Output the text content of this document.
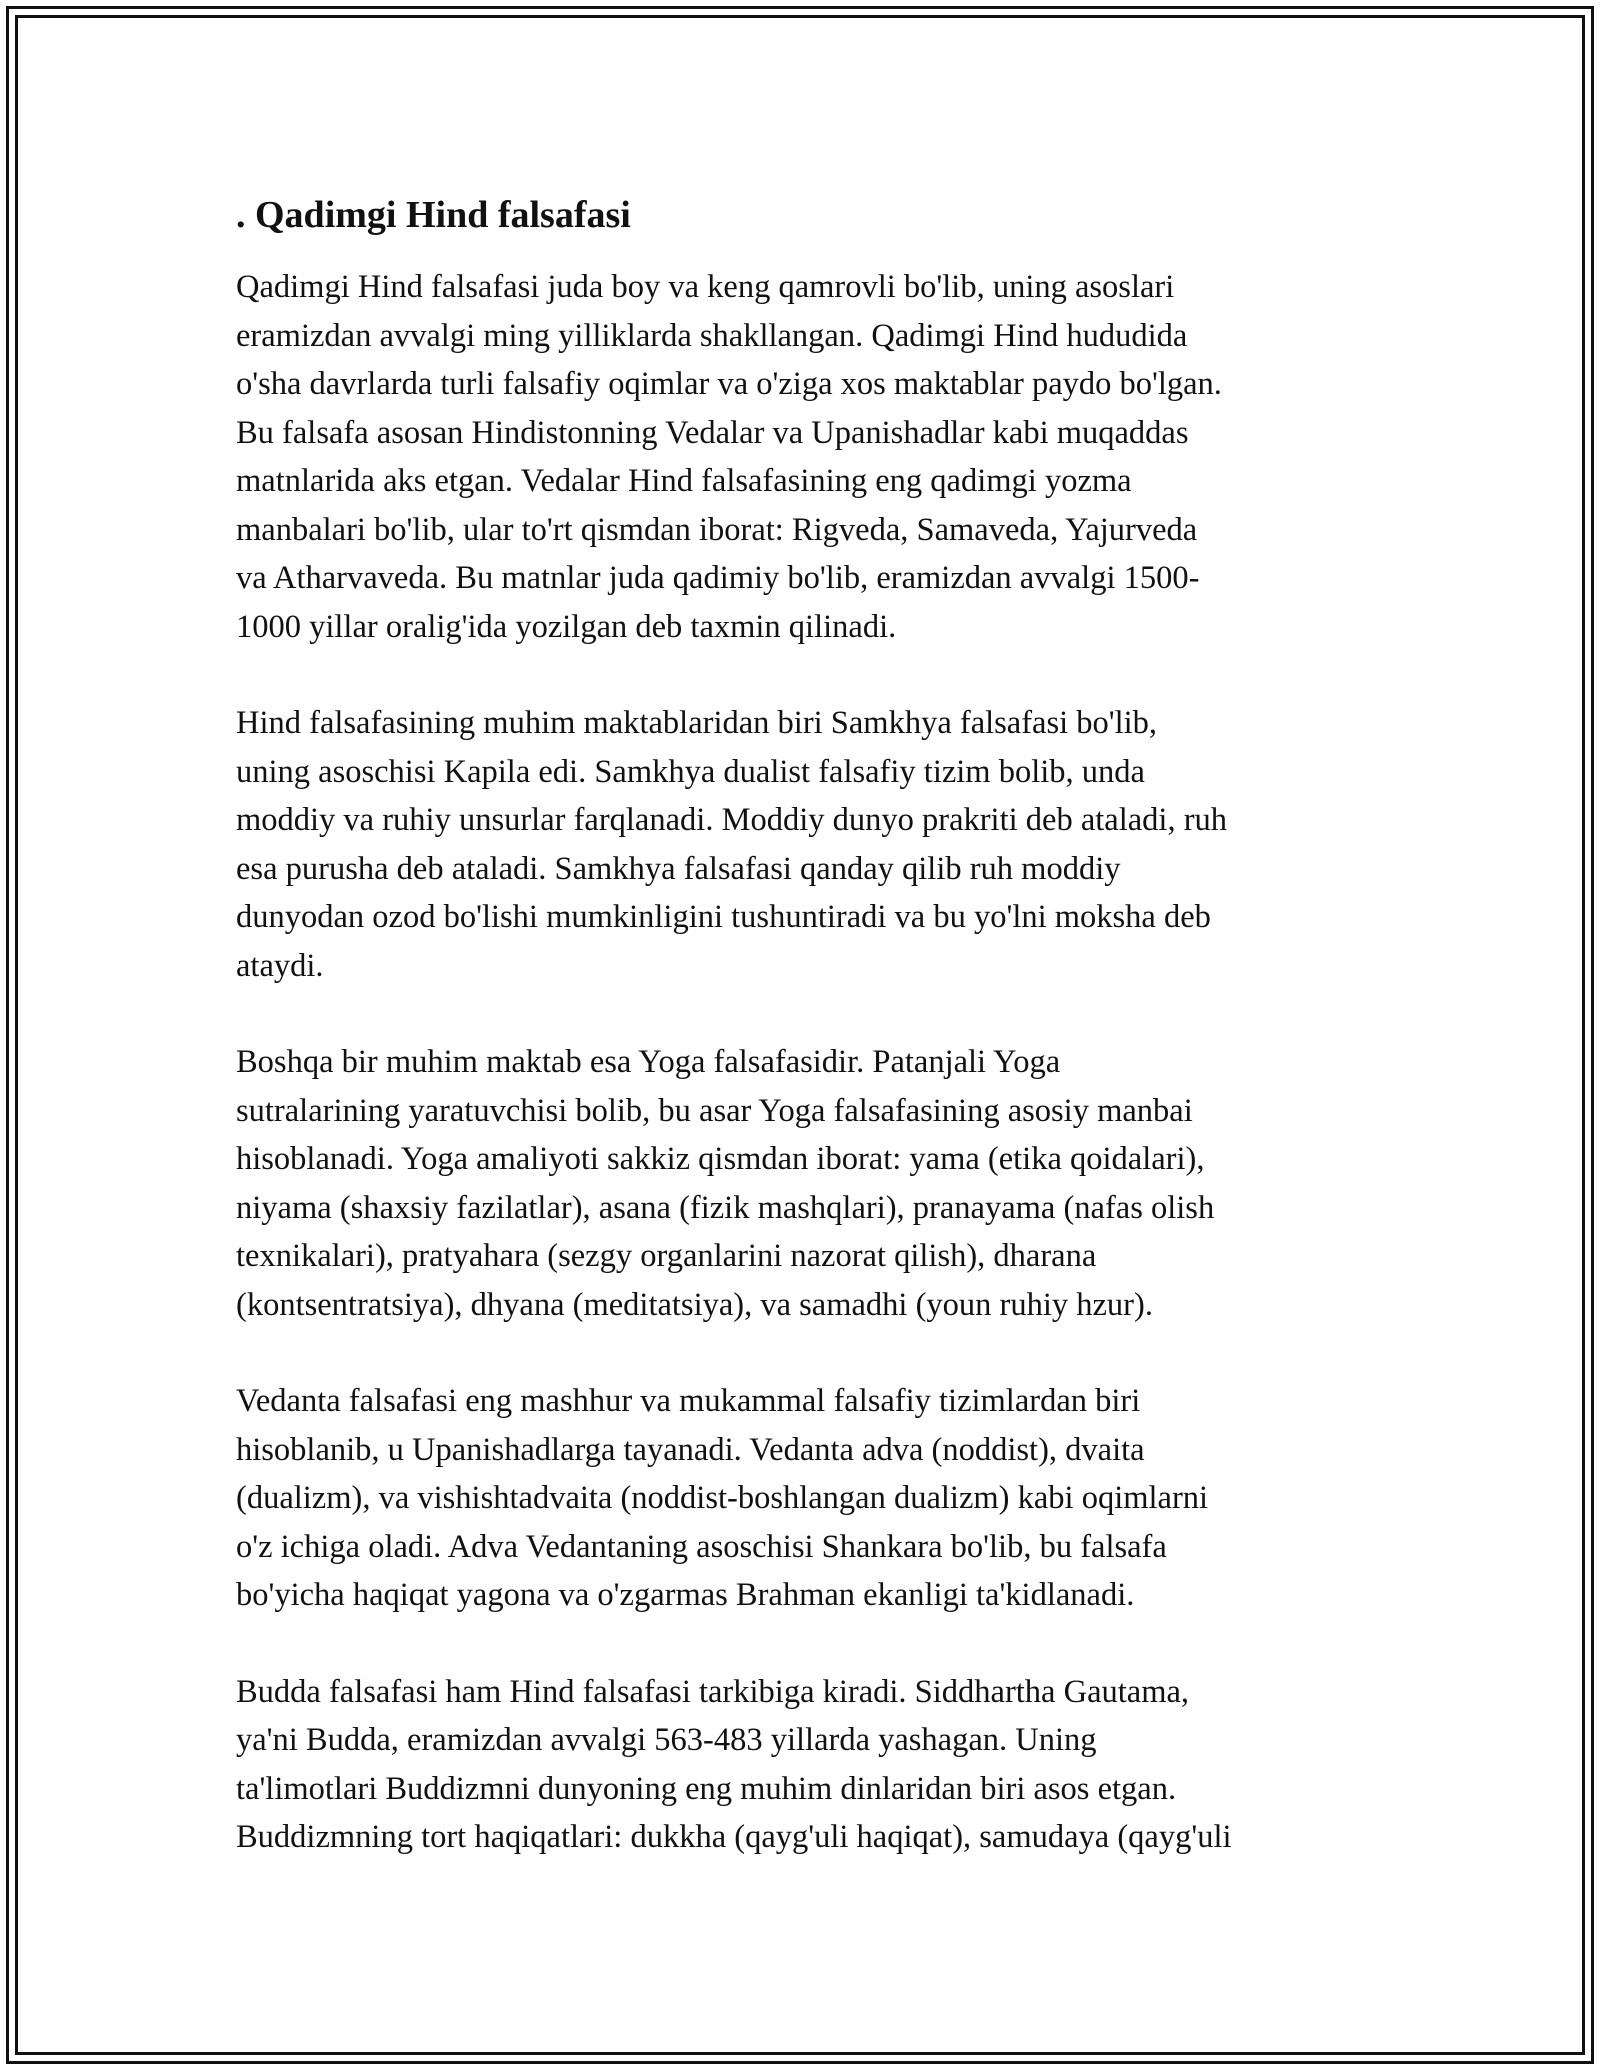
. Qadimgi Hind falsafasi
Qadimgi Hind falsafasi juda boy va keng qamrovli bo'lib, uning asoslari
eramizdan avvalgi ming yilliklarda shakllangan. Qadimgi Hind hududida
o'sha davrlarda turli falsafiy oqimlar va o'ziga xos maktablar paydo bo'lgan.
Bu falsafa asosan Hindistonning Vedalar va Upanishadlar kabi muqaddas
matnlarida aks etgan. Vedalar Hind falsafasining eng qadimgi yozma
manbalari bo'lib, ular to'rt qismdan iborat: Rigveda, Samaveda, Yajurveda
va Atharvaveda. Bu matnlar juda qadimiy bo'lib, eramizdan avvalgi 1500-
1000 yillar oralig'ida yozilgan deb taxmin qilinadi.
Hind falsafasining muhim maktablaridan biri Samkhya falsafasi bo'lib,
uning asoschisi Kapila edi. Samkhya dualist falsafiy tizim bolib, unda
moddiy va ruhiy unsurlar farqlanadi. Moddiy dunyo prakriti deb ataladi, ruh
esa purusha deb ataladi. Samkhya falsafasi qanday qilib ruh moddiy
dunyodan ozod bo'lishi mumkinligini tushuntiradi va bu yo'lni moksha deb
ataydi.
Boshqa bir muhim maktab esa Yoga falsafasidir. Patanjali Yoga
sutralarining yaratuvchisi bolib, bu asar Yoga falsafasining asosiy manbai
hisoblanadi. Yoga amaliyoti sakkiz qismdan iborat: yama (etika qoidalari),
niyama (shaxsiy fazilatlar), asana (fizik mashqlari), pranayama (nafas olish
texnikalari), pratyahara (sezgy organlarini nazorat qilish), dharana
(kontsentratsiya), dhyana (meditatsiya), va samadhi (youn ruhiy hzur).
Vedanta falsafasi eng mashhur va mukammal falsafiy tizimlardan biri
hisoblanib, u Upanishadlarga tayanadi. Vedanta adva (noddist), dvaita
(dualizm), va vishishtadvaita (noddist-boshlangan dualizm) kabi oqimlarni
o'z ichiga oladi. Adva Vedantaning asoschisi Shankara bo'lib, bu falsafa
bo'yicha haqiqat yagona va o'zgarmas Brahman ekanligi ta'kidlanadi.
Budda falsafasi ham Hind falsafasi tarkibiga kiradi. Siddhartha Gautama,
ya'ni Budda, eramizdan avvalgi 563-483 yillarda yashagan. Uning
ta'limotlari Buddizmni dunyoning eng muhim dinlaridan biri asos etgan.
Buddizmning tort haqiqatlari: dukkha (qayg'uli haqiqat), samudaya (qayg'uli
